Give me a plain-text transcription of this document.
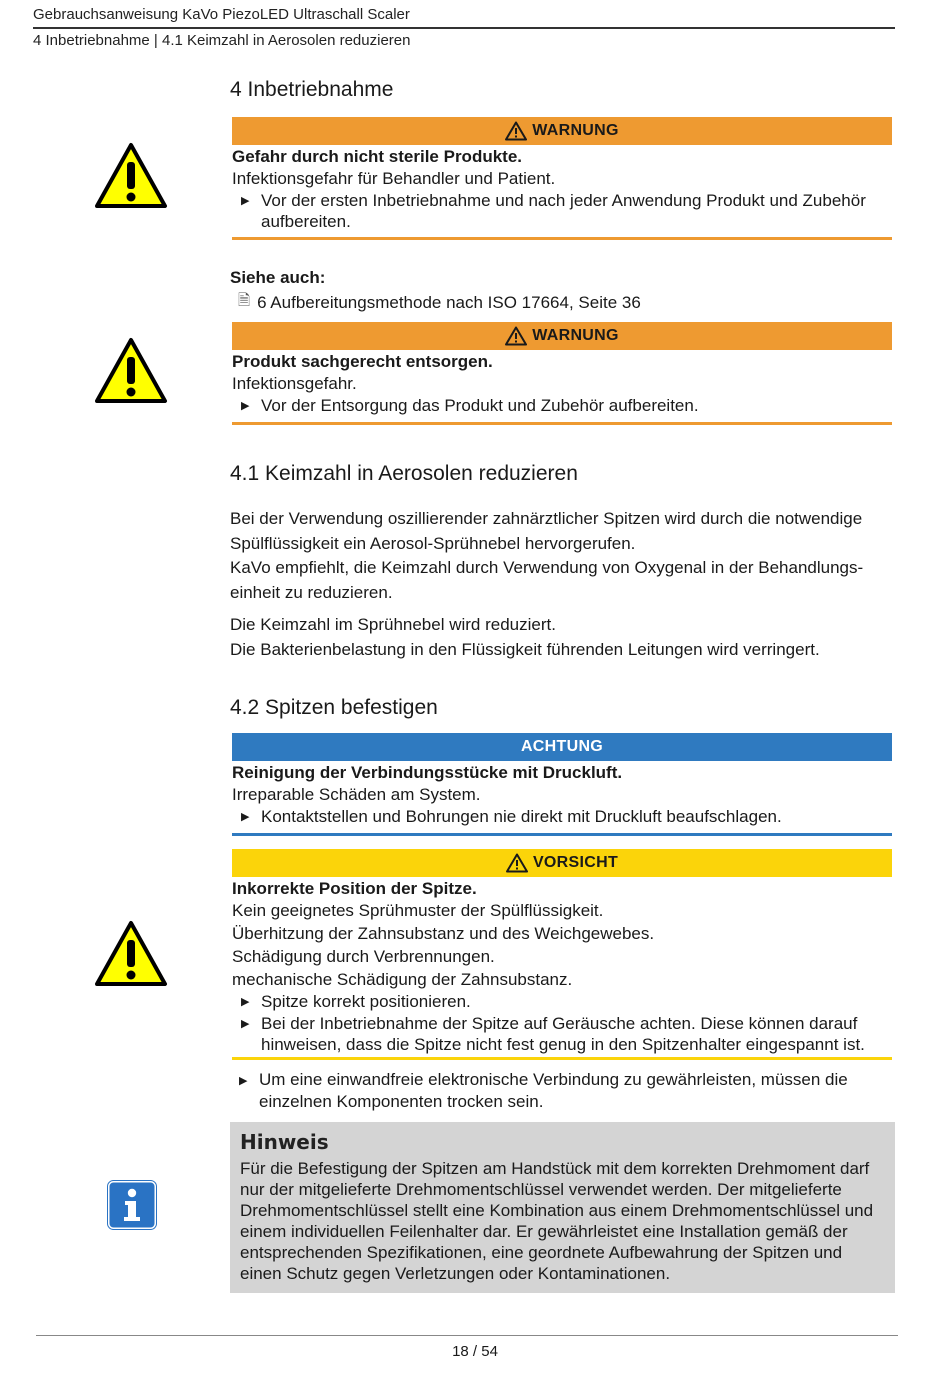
Gebrauchsanweisung KaVo PiezoLED Ultraschall Scaler
4 Inbetriebnahme | 4.1 Keimzahl in Aerosolen reduzieren
4 Inbetriebnahme
WARNUNG
Gefahr durch nicht sterile Produkte.
Infektionsgefahr für Behandler und Patient.
▶ Vor der ersten Inbetriebnahme und nach jeder Anwendung Produkt und Zubehör aufbereiten.
Siehe auch:
🗎 6 Aufbereitungsmethode nach ISO 17664, Seite 36
WARNUNG
Produkt sachgerecht entsorgen.
Infektionsgefahr.
▶ Vor der Entsorgung das Produkt und Zubehör aufbereiten.
4.1 Keimzahl in Aerosolen reduzieren
Bei der Verwendung oszillierender zahnärztlicher Spitzen wird durch die notwendige Spülflüssigkeit ein Aerosol-Sprühnebel hervorgerufen.
KaVo empfiehlt, die Keimzahl durch Verwendung von Oxygenal in der Behandlungs-einheit zu reduzieren.
Die Keimzahl im Sprühnebel wird reduziert.
Die Bakterienbelastung in den Flüssigkeit führenden Leitungen wird verringert.
4.2 Spitzen befestigen
ACHTUNG
Reinigung der Verbindungsstücke mit Druckluft.
Irreparable Schäden am System.
▶ Kontaktstellen und Bohrungen nie direkt mit Druckluft beaufschlagen.
VORSICHT
Inkorrekte Position der Spitze.
Kein geeignetes Sprühmuster der Spülflüssigkeit.
Überhitzung der Zahnsubstanz und des Weichgewebes.
Schädigung durch Verbrennungen.
mechanische Schädigung der Zahnsubstanz.
▶ Spitze korrekt positionieren.
▶ Bei der Inbetriebnahme der Spitze auf Geräusche achten. Diese können darauf hinweisen, dass die Spitze nicht fest genug in den Spitzenhalter eingespannt ist.
▶ Um eine einwandfreie elektronische Verbindung zu gewährleisten, müssen die einzelnen Komponenten trocken sein.
Hinweis
Für die Befestigung der Spitzen am Handstück mit dem korrekten Drehmoment darf nur der mitgelieferte Drehmomentschlüssel verwendet werden. Der mitgelieferte Drehmomentschlüssel stellt eine Kombination aus einem Drehmomentschlüssel und einem individuellen Feilenhalter dar. Er gewährleistet eine Installation gemäß der entsprechenden Spezifikationen, eine geordnete Aufbewahrung der Spitzen und einen Schutz gegen Verletzungen oder Kontaminationen.
18 / 54
